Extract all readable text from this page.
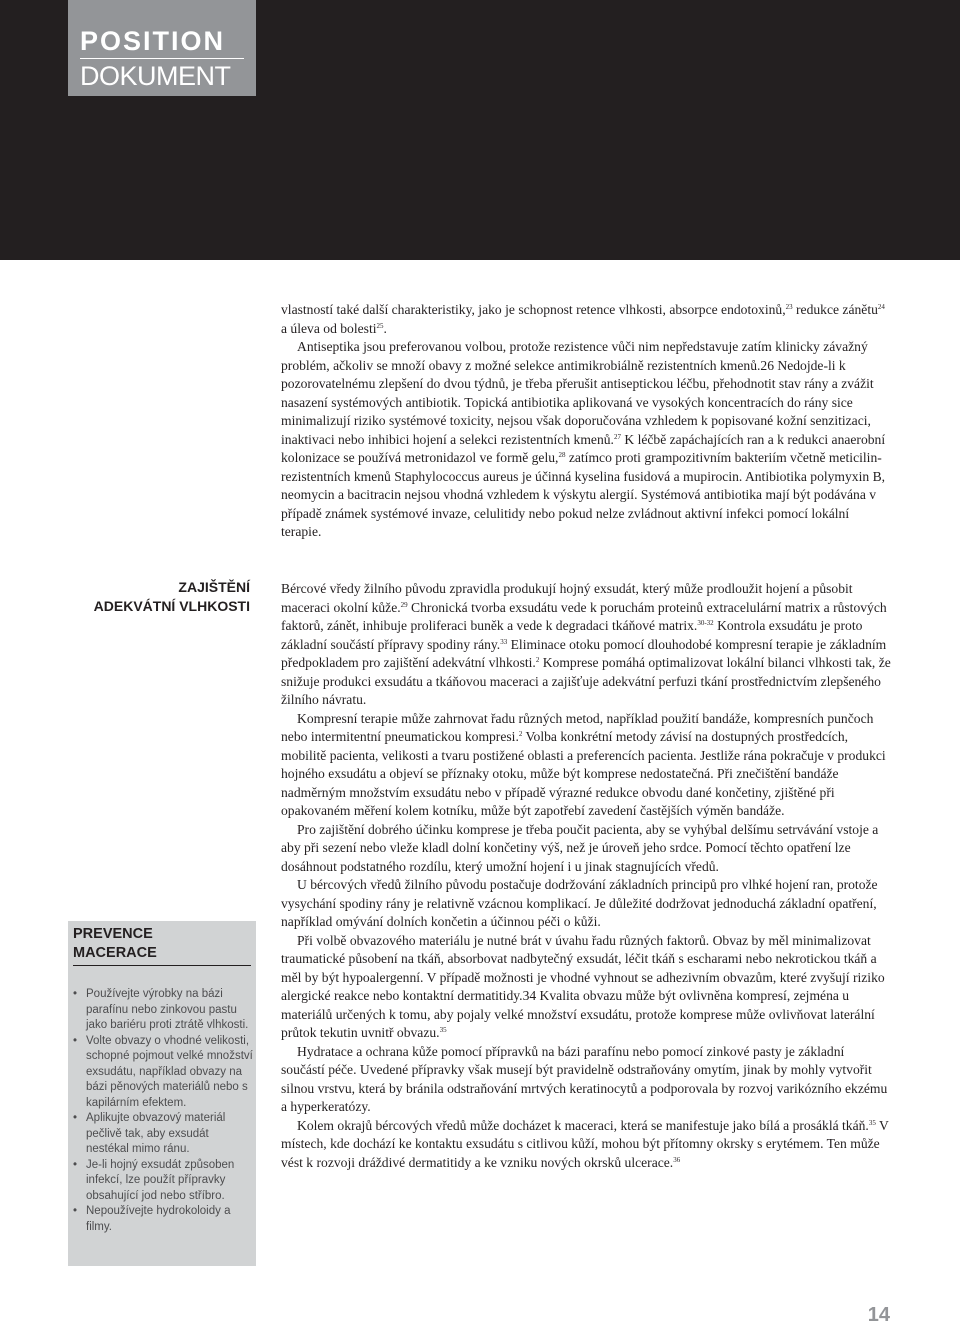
POSITION
DOKUMENT

vlastností také další charakteristiky, jako je schopnost retence vlhkosti, absorpce endotoxinů,$^{23}$ redukce zánětu$^{24}$ a úleva od bolesti$^{25}$.

Antiseptika jsou preferovanou volbou, protože rezistence vůči nim nepředstavuje zatím klinicky závažný problém, ačkoliv se množí obavy z možné selekce antimikrobiálně rezistentních kmenů.26 Nedojde-li k pozorovatelnému zlepšení do dvou týdnů, je třeba přerušit antiseptickou léčbu, přehodnotit stav rány a zvážit nasazení systémových antibiotik. Topická antibiotika aplikovaná ve vysokých koncentracích do rány sice minimalizují riziko systémové toxicity, nejsou však doporučována vzhledem k popisované kožní senzitizaci, inaktivaci nebo inhibici hojení a selekci rezistentních kmenů.$^{27}$ K léčbě zapáchajících ran a k redukci anaerobní kolonizace se používá metronidazol ve formě gelu,$^{28}$ zatímco proti grampozitivním bakteriím včetně meticilin-rezistentních kmenů Staphylococcus aureus je účinná kyselina fusidová a mupirocin. Antibiotika polymyxin B, neomycin a bacitracin nejsou vhodná vzhledem k výskytu alergií. Systémová antibiotika mají být podávána v případě známek systémové invaze, celulitidy nebo pokud nelze zvládnout aktivní infekci pomocí lokální terapie.

ZAJIŠTĚNÍ
ADEKVÁTNÍ VLHKOSTI

Bércové vředy žilního původu zpravidla produkují hojný exsudát, který může prodloužit hojení a působit maceraci okolní kůže.$^{29}$ Chronická tvorba exsudátu vede k poruchám proteinů extracelulární matrix a růstových faktorů, zánět, inhibuje proliferaci buněk a vede k degradaci tkáňové matrix.$^{30-32}$ Kontrola exsudátu je proto základní součástí přípravy spodiny rány.$^{33}$ Eliminace otoku pomocí dlouhodobé kompresní terapie je základním předpokladem pro zajištění adekvátní vlhkosti.$^2$ Komprese pomáhá optimalizovat lokální bilanci vlhkosti tak, že snižuje produkci exsudátu a tkáňovou maceraci a zajišťuje adekvátní perfuzi tkání prostřednictvím zlepšeného žilního návratu.

Kompresní terapie může zahrnovat řadu různých metod, například použití bandáže, kompresních punčoch nebo intermitentní pneumatickou kompresi.$^2$ Volba konkrétní metody závisí na dostupných prostředcích, mobilitě pacienta, velikosti a tvaru postižené oblasti a preferencích pacienta. Jestliže rána pokračuje v produkci hojného exsudátu a objeví se příznaky otoku, může být komprese nedostatečná. Při znečištění bandáže nadměrným množstvím exsudátu nebo v případě výrazné redukce obvodu dané končetiny, zjištěné při opakovaném měření kolem kotníku, může být zapotřebí zavedení častějších výměn bandáže.

Pro zajištění dobrého účinku komprese je třeba poučit pacienta, aby se vyhýbal delšímu setrvávání vstoje a aby při sezení nebo vleže kladl dolní končetiny výš, než je úroveň jeho srdce. Pomocí těchto opatření lze dosáhnout podstatného rozdílu, který umožní hojení i u jinak stagnujících vředů.

U bércových vředů žilního původu postačuje dodržování základních principů pro vlhké hojení ran, protože vysychání spodiny rány je relativně vzácnou komplikací. Je důležité dodržovat jednoduchá základní opatření, například omývání dolních končetin a účinnou péči o kůži.

Při volbě obvazového materiálu je nutné brát v úvahu řadu různých faktorů. Obvaz by měl minimalizovat traumatické působení na tkáň, absorbovat nadbytečný exsudát, léčit tkáň s escharami nebo nekrotickou tkáň a měl by být hypoalergenní. V případě možnosti je vhodné vyhnout se adhezivním obvazům, které zvyšují riziko alergické reakce nebo kontaktní dermatitidy.34 Kvalita obvazu může být ovlivněna kompresí, zejména u materiálů určených k tomu, aby pojaly velké množství exsudátu, protože komprese může ovlivňovat laterální průtok tekutin uvnitř obvazu.$^{35}$

Hydratace a ochrana kůže pomocí přípravků na bázi parafínu nebo pomocí zinkové pasty je základní součástí péče. Uvedené přípravky však musejí být pravidelně odstraňovány omytím, jinak by mohly vytvořit silnou vrstvu, která by bránila odstraňování mrtvých keratinocytů a podporovala by rozvoj varikózního ekzému a hyperkeratózy.

Kolem okrajů bércových vředů může docházet k maceraci, která se manifestuje jako bílá a prosáklá tkáň.$^{35}$ V místech, kde dochází ke kontaktu exsudátu s citlivou kůží, mohou být přítomny okrsky s erytémem. Ten může vést k rozvoji dráždivé dermatitidy a ke vzniku nových okrsků ulcerace.$^{36}$

PREVENCE
MACERACE
• Používejte výrobky na bázi parafínu nebo zinkovou pastu jako bariéru proti ztrátě vlhkosti.
• Volte obvazy o vhodné velikosti, schopné pojmout velké množství exsudátu, například obvazy na bázi pěnových materiálů nebo s kapilárním efektem.
• Aplikujte obvazový materiál pečlivě tak, aby exsudát nestékal mimo ránu.
• Je-li hojný exsudát způsoben infekcí, lze použít přípravky obsahující jod nebo stříbro.
• Nepoužívejte hydrokoloidy a filmy.
14
